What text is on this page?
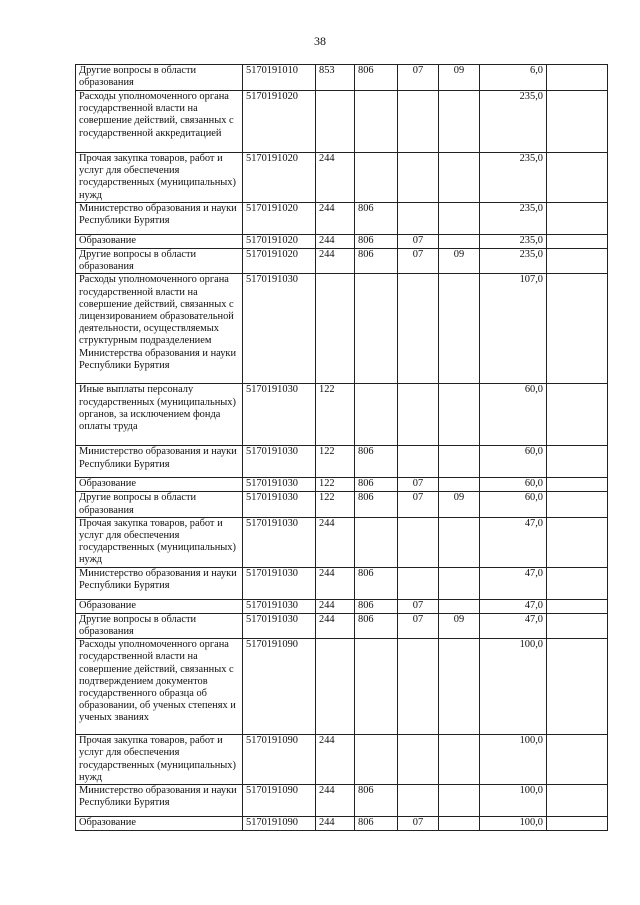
38
Другие вопросы в области образования	5170191010	853	806	07	09	6,0	
Расходы уполномоченного органа государственной власти на совершение действий, связанных с государственной аккредитацией	5170191020					235,0	
Прочая закупка товаров, работ и услуг для обеспечения государственных (муниципальных) нужд	5170191020	244				235,0	
Министерство образования и науки Республики Бурятия	5170191020	244	806			235,0	
Образование	5170191020	244	806	07		235,0	
Другие вопросы в области образования	5170191020	244	806	07	09	235,0	
Расходы уполномоченного органа государственной власти на совершение действий, связанных с лицензированием образовательной деятельности, осуществляемых структурным подразделением Министерства образования и науки Республики Бурятия	5170191030					107,0	
Иные выплаты персоналу государственных (муниципальных) органов, за исключением фонда оплаты труда	5170191030	122				60,0	
Министерство образования и науки Республики Бурятия	5170191030	122	806			60,0	
Образование	5170191030	122	806	07		60,0	
Другие вопросы в области образования	5170191030	122	806	07	09	60,0	
Прочая закупка товаров, работ и услуг для обеспечения государственных (муниципальных) нужд	5170191030	244				47,0	
Министерство образования и науки Республики Бурятия	5170191030	244	806			47,0	
Образование	5170191030	244	806	07		47,0	
Другие вопросы в области образования	5170191030	244	806	07	09	47,0	
Расходы уполномоченного органа государственной власти на совершение действий, связанных с подтверждением документов государственного образца об образовании, об ученых степенях и ученых званиях	5170191090					100,0	
Прочая закупка товаров, работ и услуг для обеспечения государственных (муниципальных) нужд	5170191090	244				100,0	
Министерство образования и науки Республики Бурятия	5170191090	244	806			100,0	
Образование	5170191090	244	806	07		100,0	
